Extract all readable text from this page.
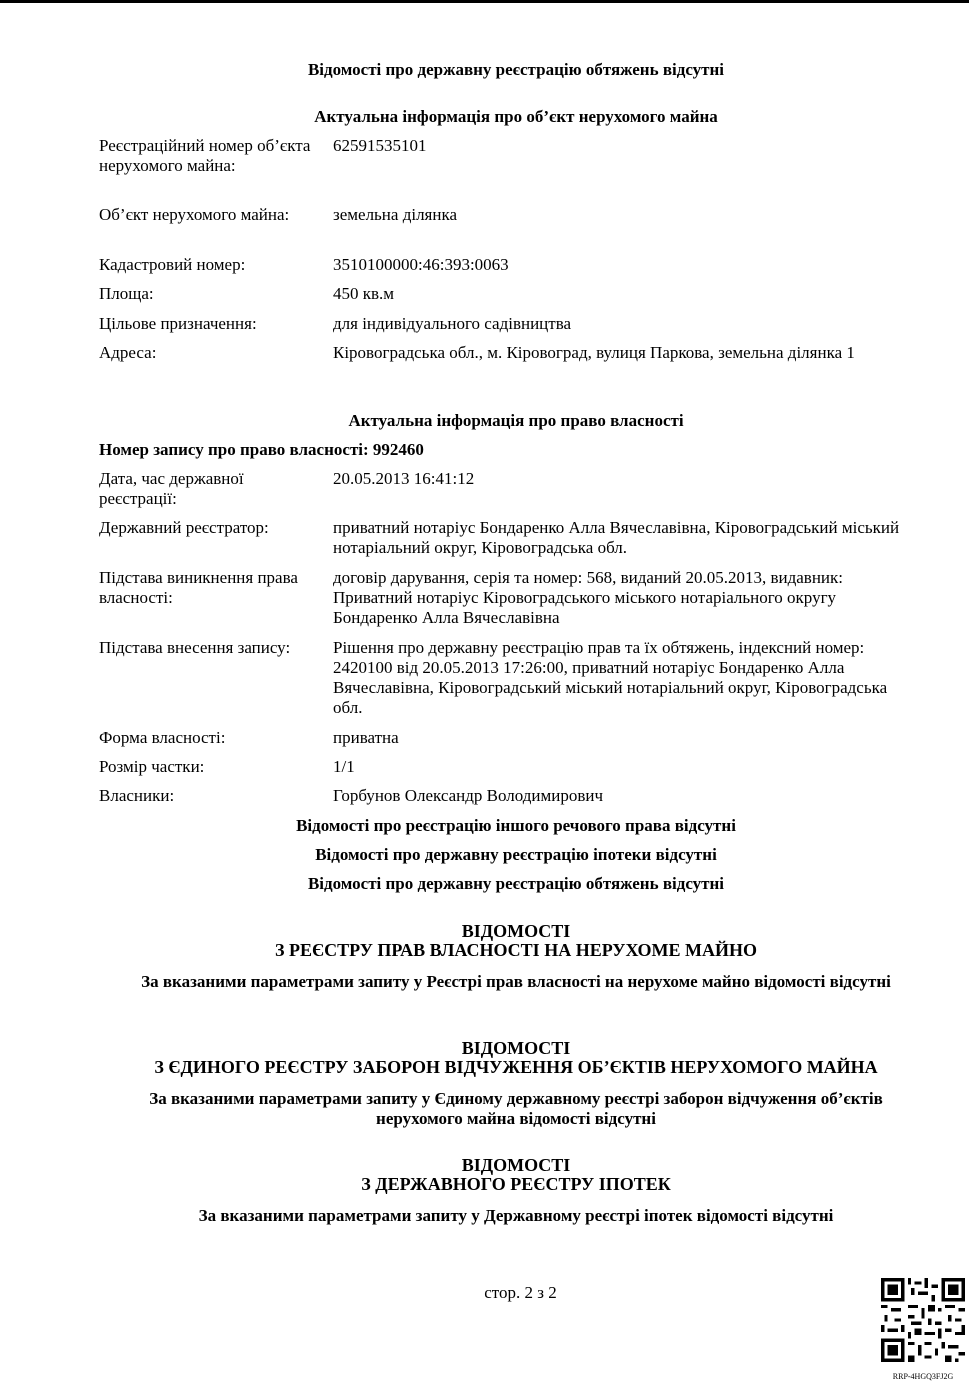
Відомості про державну реєстрацію обтяжень відсутні
Актуальна інформація про об’єкт нерухомого майна
Реєстраційний номер об’єкта нерухомого майна:
62591535101
Об’єкт нерухомого майна:	земельна ділянка
Кадастровий номер:	3510100000:46:393:0063
Площа:	450 кв.м
Цільове призначення:	для індивідуального садівництва
Адреса:	Кіровоградська обл., м. Кіровоград, вулиця Паркова, земельна ділянка 1
Актуальна інформація про право власності
Номер запису про право власності: 992460
Дата, час державної реєстрації:
20.05.2013 16:41:12
Державний реєстратор:	приватний нотаріус Бондаренко Алла Вячеславівна, Кіровоградський міський нотаріальний округ, Кіровоградська обл.
Підстава виникнення права власності:
договір дарування, серія та номер: 568, виданий 20.05.2013, видавник: Приватний нотаріус Кіровоградського міського нотаріального округу Бондаренко Алла Вячеславівна
Підстава внесення запису:	Рішення про державну реєстрацію прав та їх обтяжень, індексний номер: 2420100 від 20.05.2013 17:26:00, приватний нотаріус Бондаренко Алла Вячеславівна, Кіровоградський міський нотаріальний округ, Кіровоградська обл.
Форма власності:	приватна
Розмір частки:	1/1
Власники:	Горбунов Олександр Володимирович
Відомості про реєстрацію іншого речового права відсутні
Відомості про державну реєстрацію іпотеки відсутні
Відомості про державну реєстрацію обтяжень відсутні
ВІДОМОСТІ
З РЕЄСТРУ ПРАВ ВЛАСНОСТІ НА НЕРУХОМЕ МАЙНО
За вказаними параметрами запиту у Реєстрі прав власності на нерухоме майно відомості відсутні
ВІДОМОСТІ
З ЄДИНОГО РЕЄСТРУ ЗАБОРОН ВІДЧУЖЕННЯ ОБ’ЄКТІВ НЕРУХОМОГО МАЙНА
За вказаними параметрами запиту у Єдиному державному реєстрі заборон відчуження об’єктів нерухомого майна відомості відсутні
ВІДОМОСТІ
З ДЕРЖАВНОГО РЕЄСТРУ ІПОТЕК
За вказаними параметрами запиту у Державному реєстрі іпотек відомості відсутні
стор. 2 з 2
RRP-4HGQ3FJ2G
